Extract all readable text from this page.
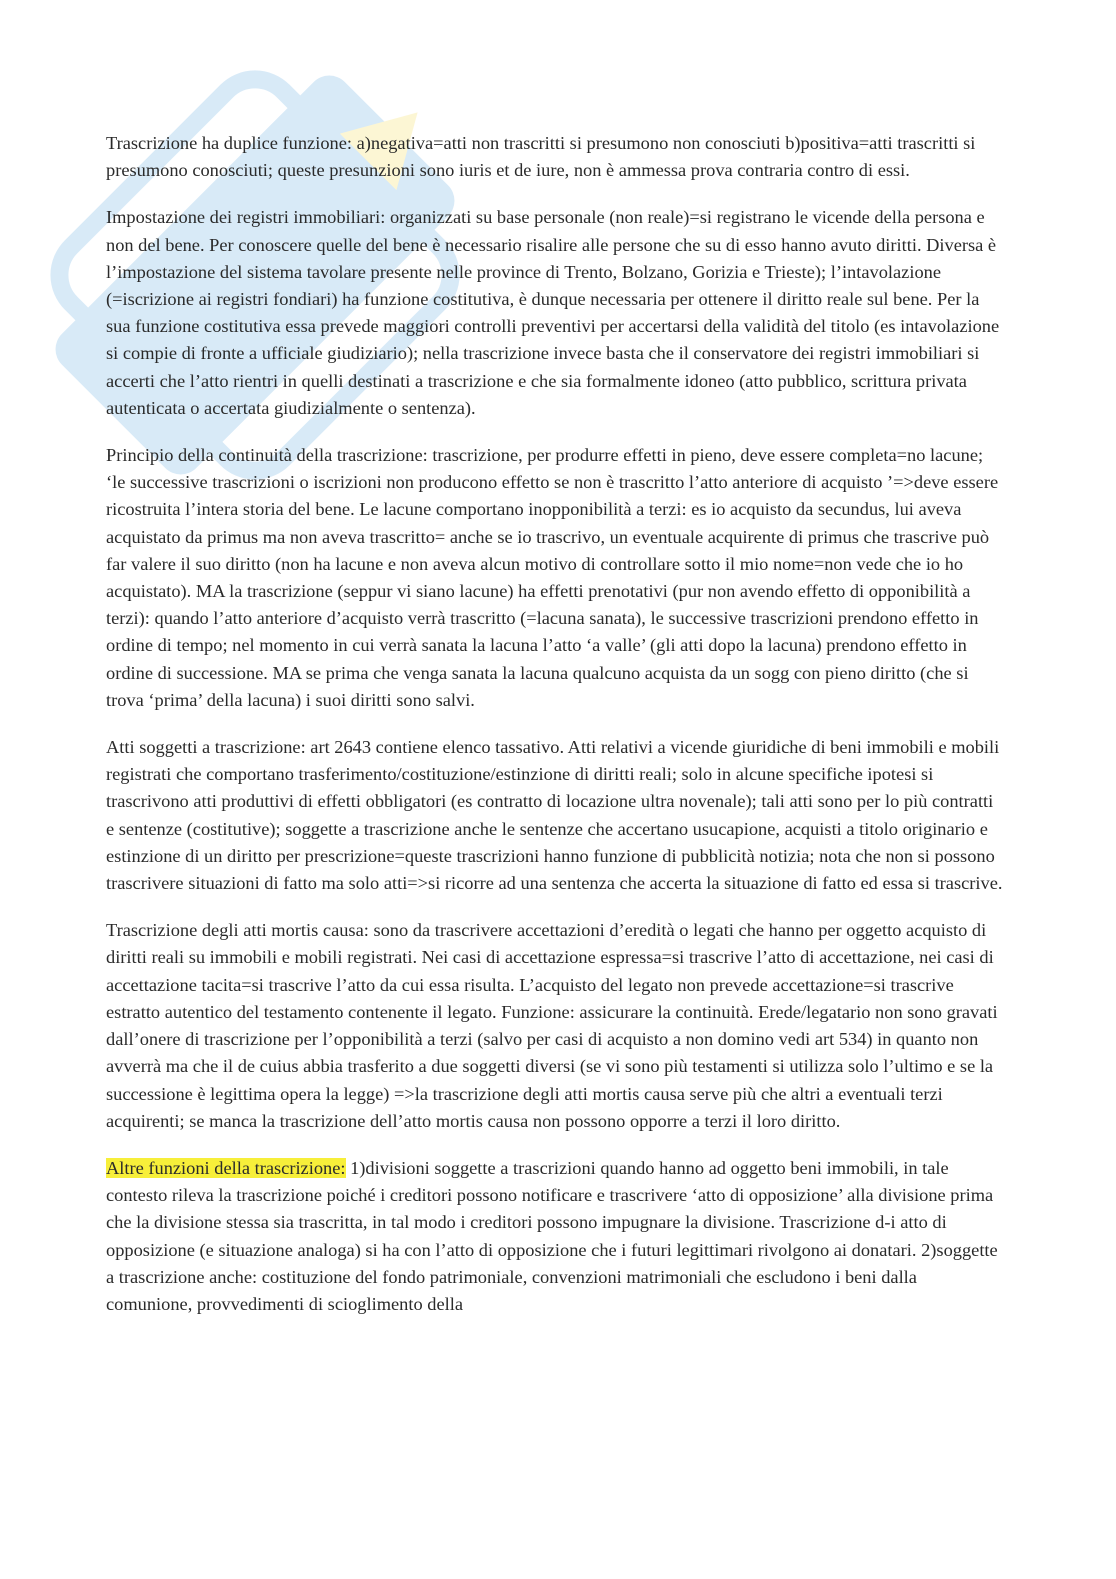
Trascrizione ha duplice funzione: a)negativa=atti non trascritti si presumono non conosciuti b)positiva=atti trascritti si presumono conosciuti; queste presunzioni sono iuris et de iure, non è ammessa prova contraria contro di essi.

Impostazione dei registri immobiliari: organizzati su base personale (non reale)=si registrano le vicende della persona e non del bene. Per conoscere quelle del bene è necessario risalire alle persone che su di esso hanno avuto diritti. Diversa è l’impostazione del sistema tavolare presente nelle province di Trento, Bolzano, Gorizia e Trieste); l’intavolazione (=iscrizione ai registri fondiari) ha funzione costitutiva, è dunque necessaria per ottenere il diritto reale sul bene. Per la sua funzione costitutiva essa prevede maggiori controlli preventivi per accertarsi della validità del titolo (es intavolazione si compie di fronte a ufficiale giudiziario); nella trascrizione invece basta che il conservatore dei registri immobiliari si accerti che l’atto rientri in quelli destinati a trascrizione e che sia formalmente idoneo (atto pubblico, scrittura privata autenticata o accertata giudizialmente o sentenza).

Principio della continuità della trascrizione: trascrizione, per produrre effetti in pieno, deve essere completa=no lacune; ‘le successive trascrizioni o iscrizioni non producono effetto se non è trascritto l’atto anteriore di acquisto ’=>deve essere ricostruita l’intera storia del bene. Le lacune comportano inopponibilità a terzi: es io acquisto da secundus, lui aveva acquistato da primus ma non aveva trascritto= anche se io trascrivo, un eventuale acquirente di primus che trascrive può far valere il suo diritto (non ha lacune e non aveva alcun motivo di controllare sotto il mio nome=non vede che io ho acquistato). MA la trascrizione (seppur vi siano lacune) ha effetti prenotativi (pur non avendo effetto di opponibilità a terzi): quando l’atto anteriore d’acquisto verrà trascritto (=lacuna sanata), le successive trascrizioni prendono effetto in ordine di tempo; nel momento in cui verrà sanata la lacuna l’atto ‘a valle’ (gli atti dopo la lacuna) prendono effetto in ordine di successione. MA se prima che venga sanata la lacuna qualcuno acquista da un sogg con pieno diritto (che si trova ‘prima’ della lacuna) i suoi diritti sono salvi.

Atti soggetti a trascrizione: art 2643 contiene elenco tassativo. Atti relativi a vicende giuridiche di beni immobili e mobili registrati che comportano trasferimento/costituzione/estinzione di diritti reali; solo in alcune specifiche ipotesi si trascrivono atti produttivi di effetti obbligatori (es contratto di locazione ultra novenale); tali atti sono per lo più contratti e sentenze (costitutive); soggette a trascrizione anche le sentenze che accertano usucapione, acquisti a titolo originario e estinzione di un diritto per prescrizione=queste trascrizioni hanno funzione di pubblicità notizia; nota che non si possono trascrivere situazioni di fatto ma solo atti=>si ricorre ad una sentenza che accerta la situazione di fatto ed essa si trascrive.

Trascrizione degli atti mortis causa: sono da trascrivere accettazioni d’eredità o legati che hanno per oggetto acquisto di diritti reali su immobili e mobili registrati. Nei casi di accettazione espressa=si trascrive l’atto di accettazione, nei casi di accettazione tacita=si trascrive l’atto da cui essa risulta. L’acquisto del legato non prevede accettazione=si trascrive estratto autentico del testamento contenente il legato. Funzione: assicurare la continuità. Erede/legatario non sono gravati dall’onere di trascrizione per l’opponibilità a terzi (salvo per casi di acquisto a non domino vedi art 534) in quanto non avverrà ma che il de cuius abbia trasferito a due soggetti diversi (se vi sono più testamenti si utilizza solo l’ultimo e se la successione è legittima opera la legge) =>la trascrizione degli atti mortis causa serve più che altri a eventuali terzi acquirenti; se manca la trascrizione dell’atto mortis causa non possono opporre a terzi il loro diritto.

Altre funzioni della trascrizione: 1)divisioni soggette a trascrizioni quando hanno ad oggetto beni immobili, in tale contesto rileva la trascrizione poiché i creditori possono notificare e trascrivere ‘atto di opposizione’ alla divisione prima che la divisione stessa sia trascritta, in tal modo i creditori possono impugnare la divisione. Trascrizione d-i atto di opposizione (e situazione analoga) si ha con l’atto di opposizione che i futuri legittimari rivolgono ai donatari. 2)soggette a trascrizione anche: costituzione del fondo patrimoniale, convenzioni matrimoniali che escludono i beni dalla comunione, provvedimenti di scioglimento della
